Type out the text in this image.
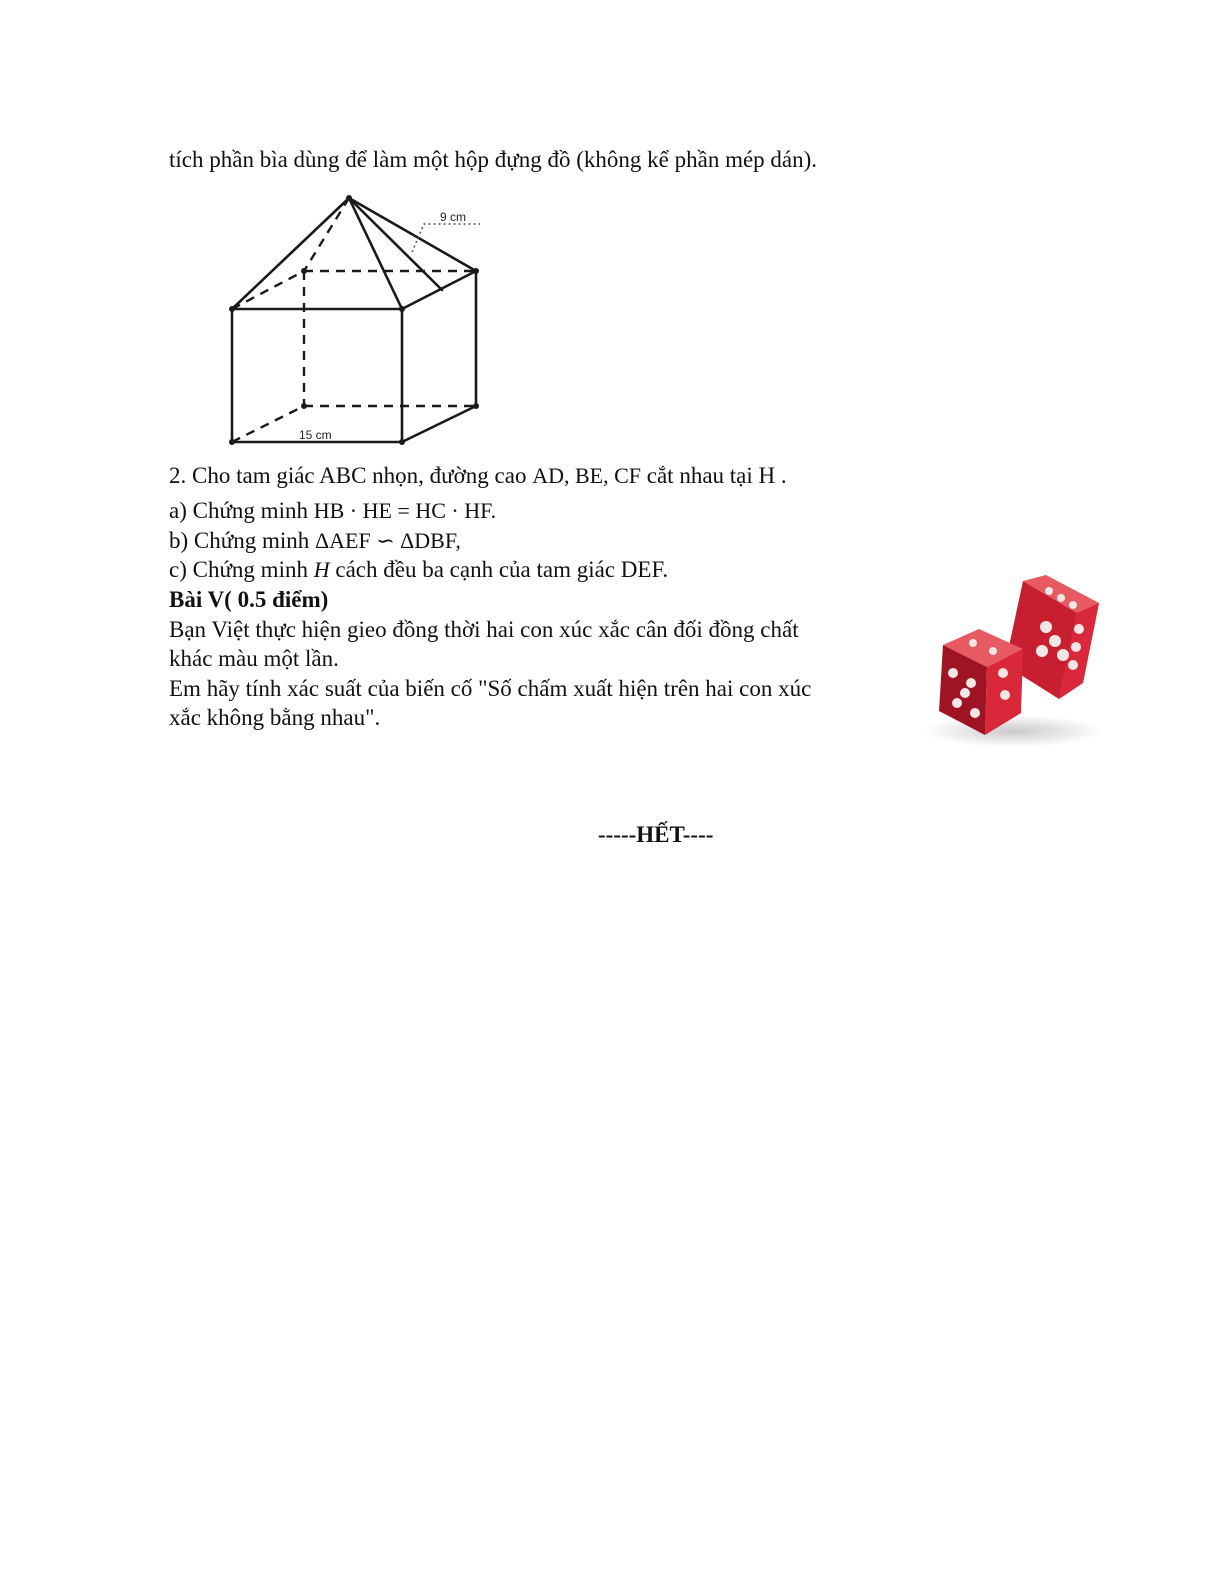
tích phần bìa dùng để làm một hộp đựng đồ (không kể phần mép dán).
9 cm
15 cm
2. Cho tam giác ABC nhọn, đường cao AD, BE, CF cắt nhau tại H .
a) Chứng minh HB · HE = HC · HF.
b) Chứng minh ΔAEF ∽ ΔDBF,
c) Chứng minh H cách đều ba cạnh của tam giác DEF.
Bài V( 0.5 điểm)
Bạn Việt thực hiện gieo đồng thời hai con xúc xắc cân đối đồng chất
khác màu một lần.
Em hãy tính xác suất của biến cố "Số chấm xuất hiện trên hai con xúc
xắc không bằng nhau".
-----HẾT----
